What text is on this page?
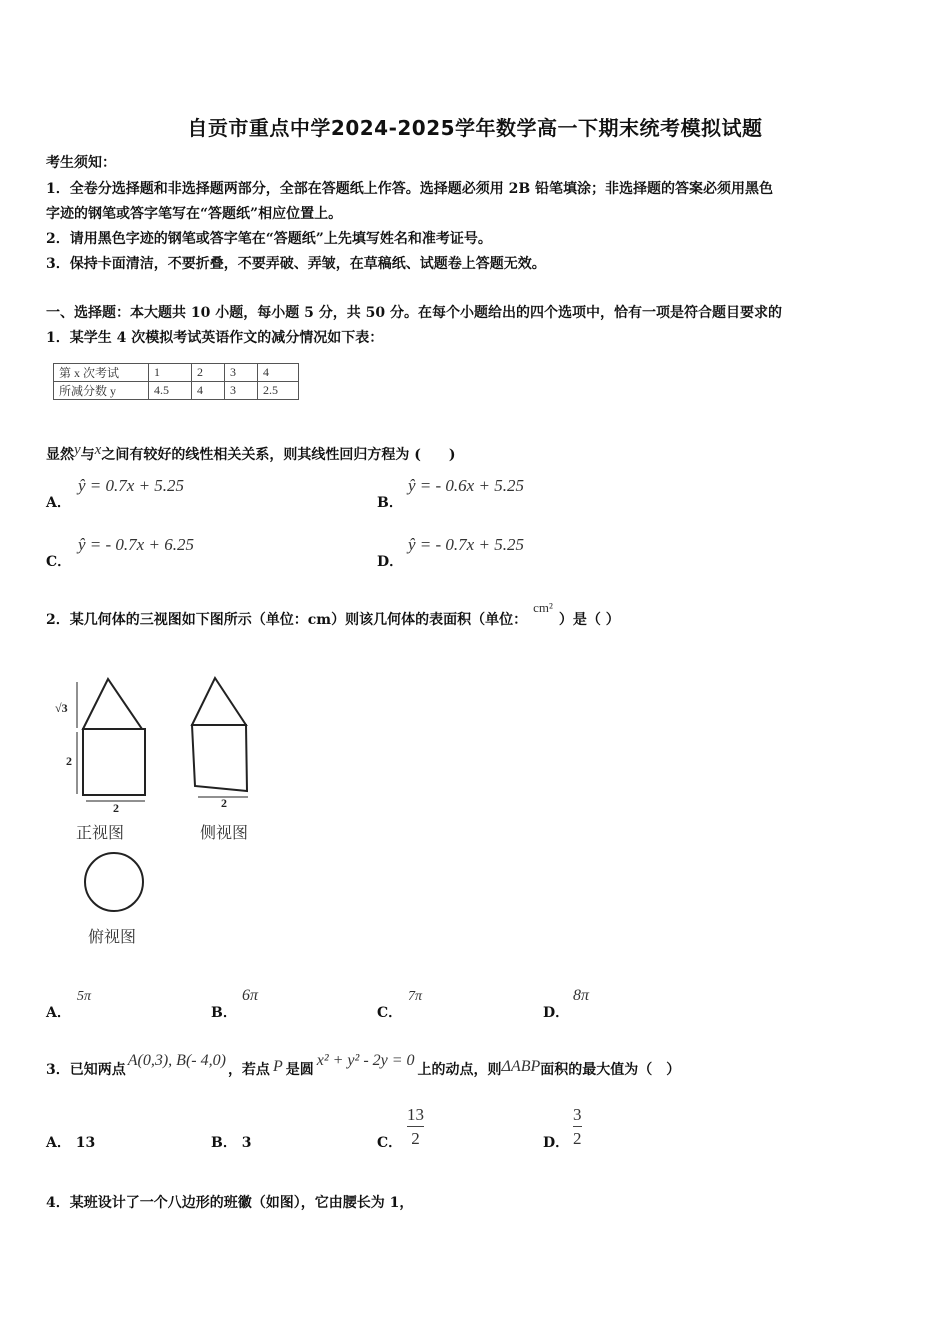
自贡市重点中学2024-2025学年数学高一下期末统考模拟试题
考生须知：
1．全卷分选择题和非选择题两部分，全部在答题纸上作答。选择题必须用 2B 铅笔填涂；非选择题的答案必须用黑色
字迹的钢笔或答字笔写在“答题纸”相应位置上。
2．请用黑色字迹的钢笔或答字笔在“答题纸”上先填写姓名和准考证号。
3．保持卡面清洁，不要折叠，不要弄破、弄皱，在草稿纸、试题卷上答题无效。
一、选择题：本大题共 10 小题，每小题 5 分，共 50 分。在每个小题给出的四个选项中，恰有一项是符合题目要求的
1．某学生 4 次模拟考试英语作文的减分情况如下表：
第 x 次考试	1	2	3	4
所减分数 y	4.5	4	3	2.5
显然y与x之间有较好的线性相关关系，则其线性回归方程为 (　　)
A．
ŷ = 0.7x + 5.25
B．
ŷ = - 0.6x + 5.25
C．
ŷ = - 0.7x + 6.25
D．
ŷ = - 0.7x + 5.25
2．某几何体的三视图如下图所示（单位：cm）则该几何体的表面积（单位：cm²）是（ ）
√3
2
2	2
正视图	侧视图
俯视图
A．
5π
B．
6π
C．
7π
D．
8π
3．已知两点A(0,3), B(- 4,0)，若点 P 是圆x² + y² - 2y = 0上的动点，则ΔABP面积的最大值为（　）
A． 13	B． 3	C．
13
2	D．
3
2
4．某班设计了一个八边形的班徽（如图），它由腰长为 1，
